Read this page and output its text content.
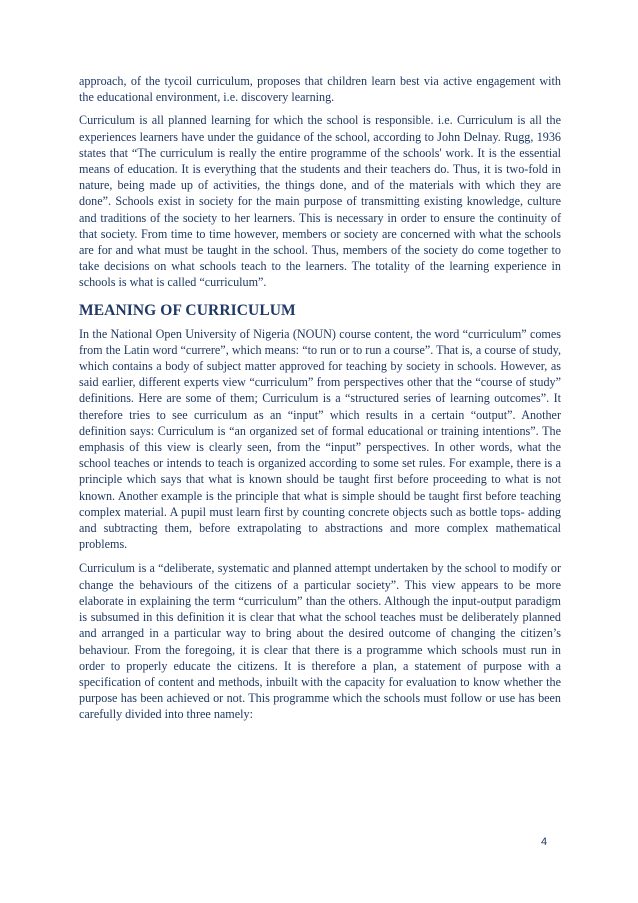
approach, of the tycoil curriculum, proposes that children learn best via active engagement with the educational environment, i.e. discovery learning.

Curriculum is all planned learning for which the school is responsible. i.e. Curriculum is all the experiences learners have under the guidance of the school, according to John Delnay. Rugg, 1936 states that “The curriculum is really the entire programme of the schools' work. It is the essential means of education. It is everything that the students and their teachers do. Thus, it is two-fold in nature, being made up of activities, the things done, and of the materials with which they are done”. Schools exist in society for the main purpose of transmitting existing knowledge, culture and traditions of the society to her learners. This is necessary in order to ensure the continuity of that society. From time to time however, members or society are concerned with what the schools are for and what must be taught in the school. Thus, members of the society do come together to take decisions on what schools teach to the learners. The totality of the learning experience in schools is what is called “curriculum”.

MEANING OF CURRICULUM

In the National Open University of Nigeria (NOUN) course content, the word “curriculum” comes from the Latin word “currere”, which means: “to run or to run a course”. That is, a course of study, which contains a body of subject matter approved for teaching by society in schools. However, as said earlier, different experts view “curriculum” from perspectives other that the “course of study” definitions. Here are some of them; Curriculum is a “structured series of learning outcomes”. It therefore tries to see curriculum as an “input” which results in a certain “output”. Another definition says: Curriculum is “an organized set of formal educational or training intentions”. The emphasis of this view is clearly seen, from the “input” perspectives. In other words, what the school teaches or intends to teach is organized according to some set rules. For example, there is a principle which says that what is known should be taught first before proceeding to what is not known. Another example is the principle that what is simple should be taught first before teaching complex material. A pupil must learn first by counting concrete objects such as bottle tops- adding and subtracting them, before extrapolating to abstractions and more complex mathematical problems.

Curriculum is a “deliberate, systematic and planned attempt undertaken by the school to modify or change the behaviours of the citizens of a particular society”. This view appears to be more elaborate in explaining the term “curriculum” than the others. Although the input-output paradigm is subsumed in this definition it is clear that what the school teaches must be deliberately planned and arranged in a particular way to bring about the desired outcome of changing the citizen’s behaviour. From the foregoing, it is clear that there is a programme which schools must run in order to properly educate the citizens. It is therefore a plan, a statement of purpose with a specification of content and methods, inbuilt with the capacity for evaluation to know whether the purpose has been achieved or not. This programme which the schools must follow or use has been carefully divided into three namely:

4
